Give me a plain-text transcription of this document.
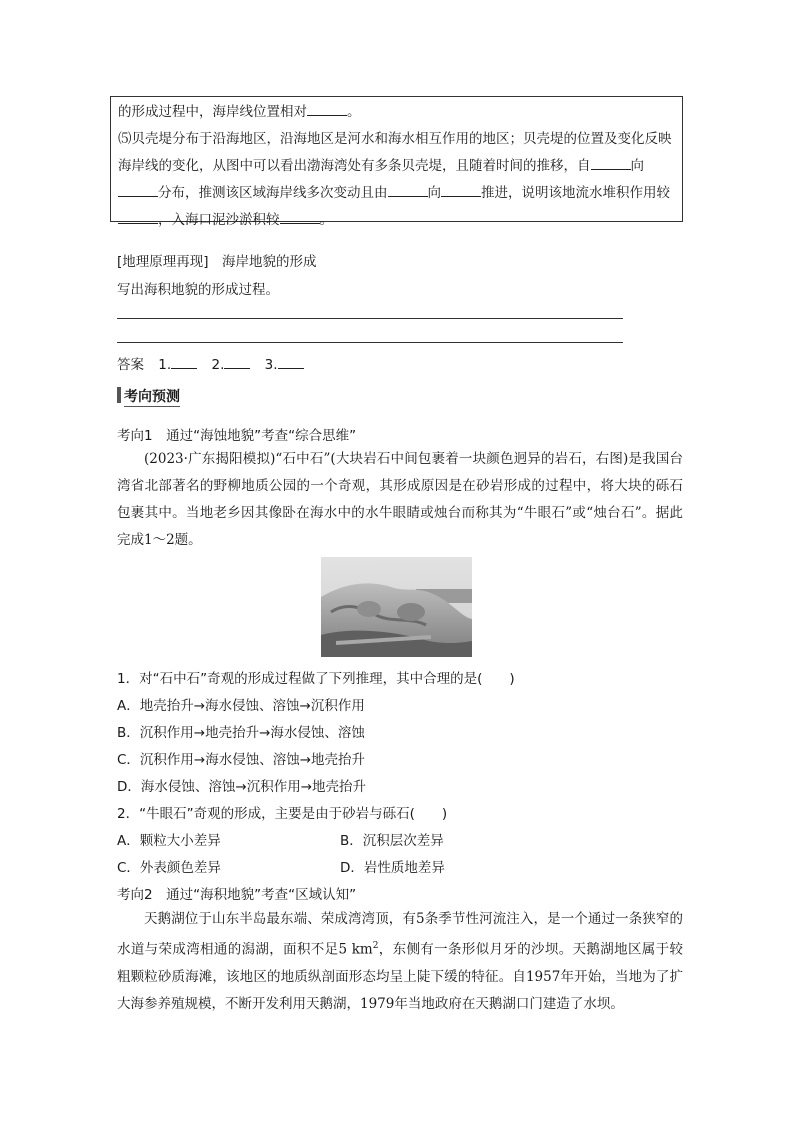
的形成过程中，海岸线位置相对	。

⑸贝壳堤分布于沿海地区，沿海地区是河水和海水相互作用的地区；贝壳堤的位置及变化反映海岸线的变化，从图中可以看出渤海湾处有多条贝壳堤，且随着时间的推移，自	向
分布，推测该区域海岸线多次变动且由	向	推进，说明该地流水堆积作用较
，入海口泥沙淤积较	。

[地理原理再现]　海岸地貌的形成
写出海积地貌的形成过程。
答案 1.	2.	3.
考向预测
考向1　通过“海蚀地貌”考查“综合思维”

(2023·广东揭阳模拟)“石中石”(大块岩石中间包裹着一块颜色迥异的岩石，右图)是我国台湾省北部著名的野柳地质公园的一个奇观，其形成原因是在砂岩形成的过程中，将大块的砾石包裹其中。当地老乡因其像卧在海水中的水牛眼睛或烛台而称其为“牛眼石”或“烛台石”。据此完成1～2题。

1．对“石中石”奇观的形成过程做了下列推理，其中合理的是(　　)
A．地壳抬升→海水侵蚀、溶蚀→沉积作用
B．沉积作用→地壳抬升→海水侵蚀、溶蚀
C．沉积作用→海水侵蚀、溶蚀→地壳抬升
D．海水侵蚀、溶蚀→沉积作用→地壳抬升
2．“牛眼石”奇观的形成，主要是由于砂岩与砾石(　　)
A．颗粒大小差异	B．沉积层次差异
C．外表颜色差异	D．岩性质地差异
考向2　通过“海积地貌”考查“区域认知”

天鹅湖位于山东半岛最东端、荣成湾湾顶，有5条季节性河流注入，是一个通过一条狭窄的水道与荣成湾相通的潟湖，面积不足5 $km^2$，东侧有一条形似月牙的沙坝。天鹅湖地区属于较粗颗粒砂质海滩，该地区的地质纵剖面形态均呈上陡下缓的特征。自1957年开始，当地为了扩大海参养殖规模，不断开发利用天鹅湖，1979年当地政府在天鹅湖口门建造了水坝。
